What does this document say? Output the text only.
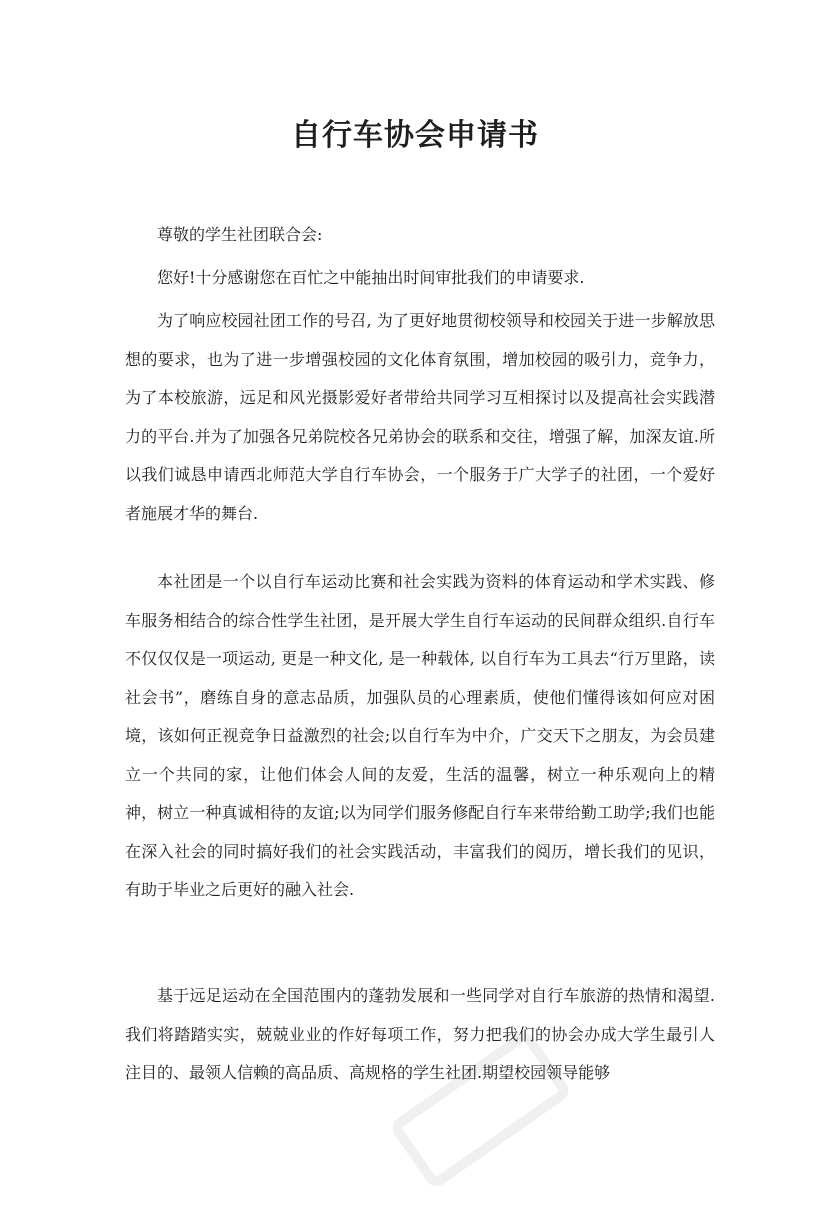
自行车协会申请书

尊敬的学生社团联合会:

您好!十分感谢您在百忙之中能抽出时间审批我们的申请要求.

为了响应校园社团工作的号召, 为了更好地贯彻校领导和校园关于进一步解放思想的要求，也为了进一步增强校园的文化体育氛围，增加校园的吸引力，竞争力，为了本校旅游，远足和风光摄影爱好者带给共同学习互相探讨以及提高社会实践潜力的平台.并为了加强各兄弟院校各兄弟协会的联系和交往，增强了解，加深友谊.所以我们诚恳申请西北师范大学自行车协会，一个服务于广大学子的社团，一个爱好者施展才华的舞台.

本社团是一个以自行车运动比赛和社会实践为资料的体育运动和学术实践、修车服务相结合的综合性学生社团，是开展大学生自行车运动的民间群众组织.自行车不仅仅仅是一项运动, 更是一种文化, 是一种载体, 以自行车为工具去“行万里路，读社会书”，磨练自身的意志品质，加强队员的心理素质，使他们懂得该如何应对困境，该如何正视竞争日益激烈的社会;以自行车为中介，广交天下之朋友，为会员建立一个共同的家，让他们体会人间的友爱，生活的温馨，树立一种乐观向上的精神，树立一种真诚相待的友谊;以为同学们服务修配自行车来带给勤工助学;我们也能在深入社会的同时搞好我们的社会实践活动，丰富我们的阅历，增长我们的见识，有助于毕业之后更好的融入社会.

基于远足运动在全国范围内的蓬勃发展和一些同学对自行车旅游的热情和渴望.我们将踏踏实实，兢兢业业的作好每项工作，努力把我们的协会办成大学生最引人注目的、最领人信赖的高品质、高规格的学生社团.期望校园领导能够
